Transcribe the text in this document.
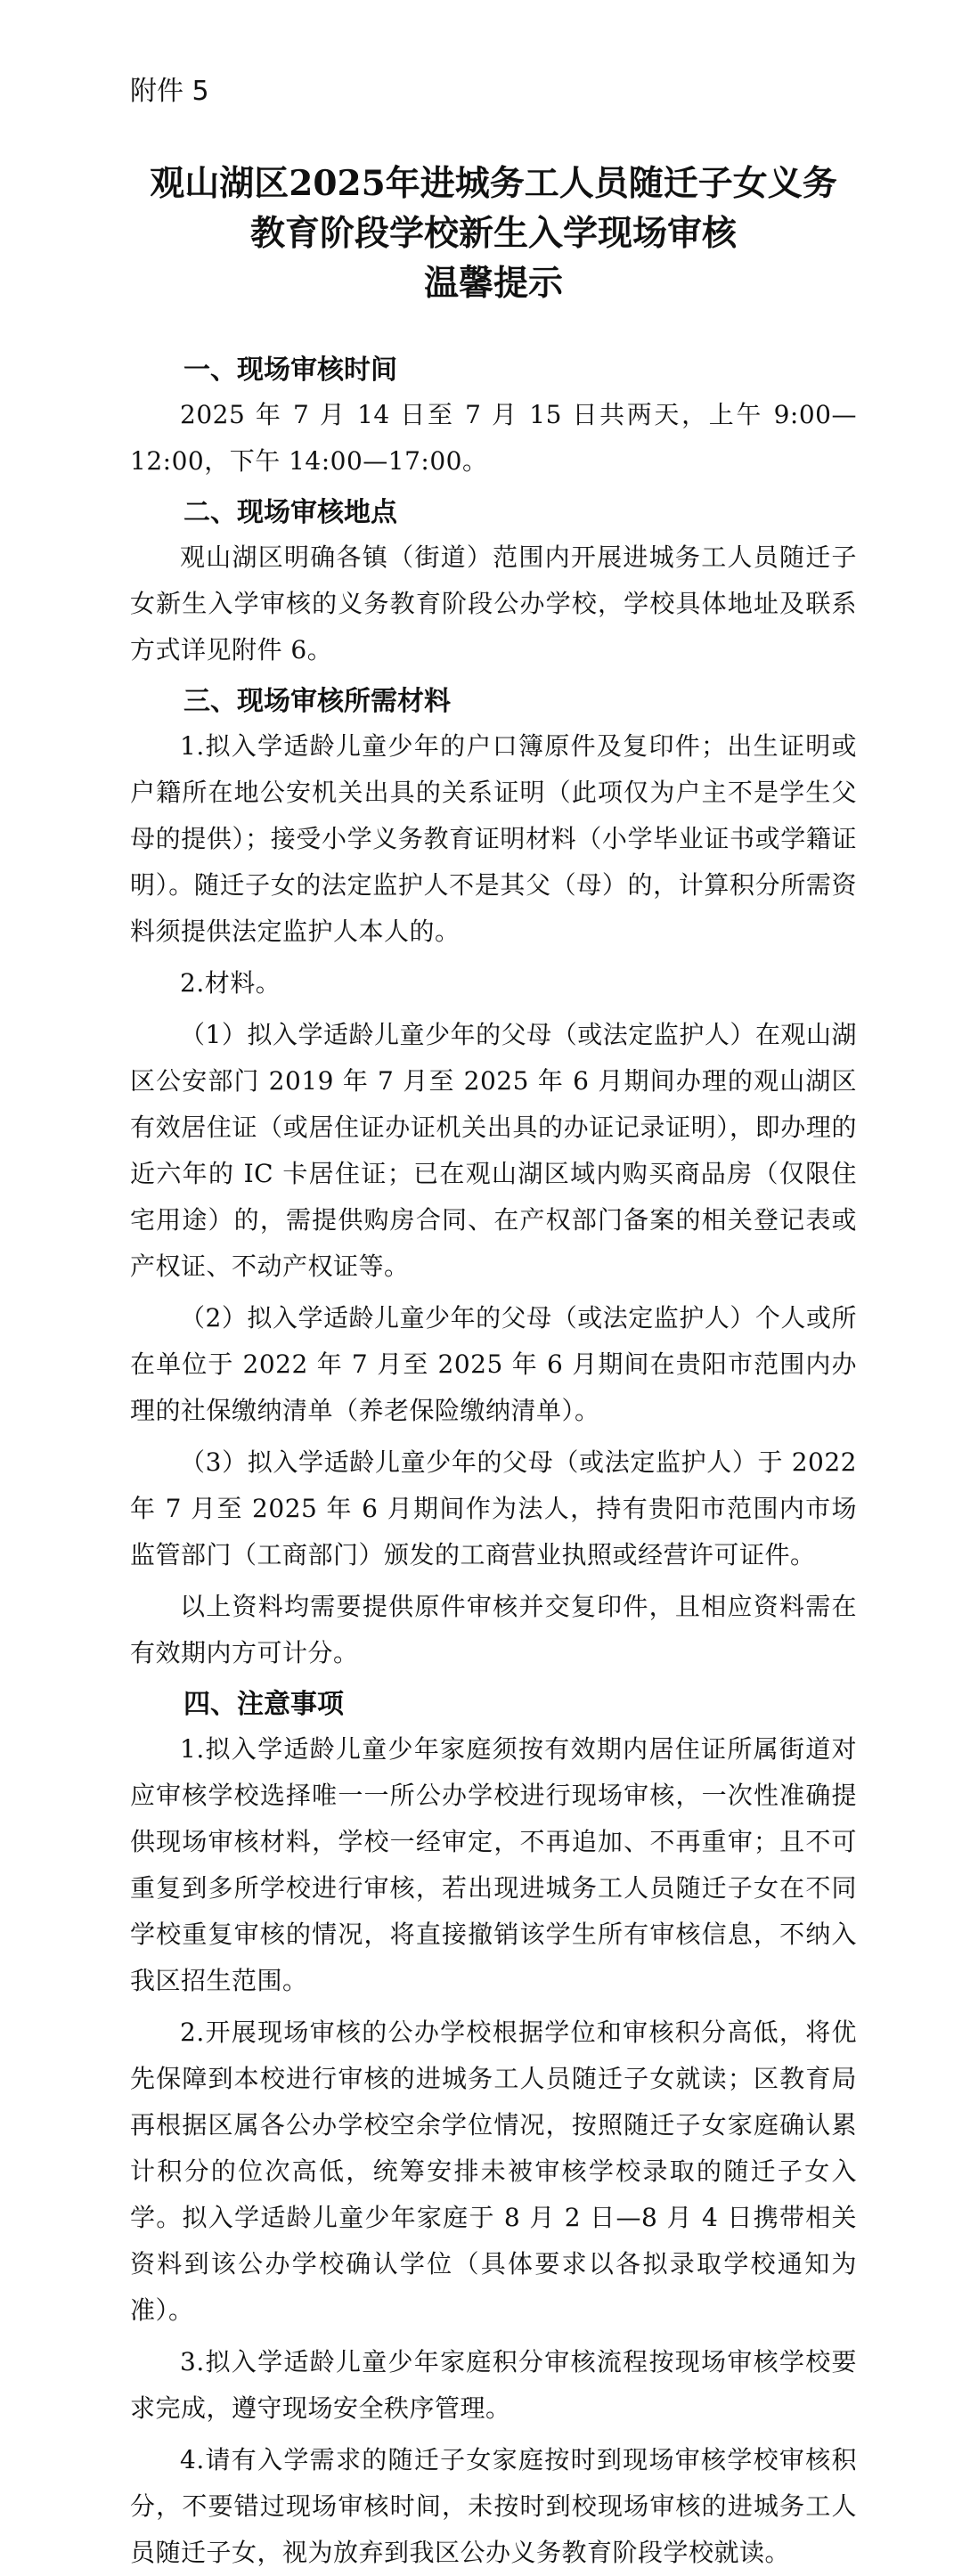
附件 5
观山湖区2025年进城务工人员随迁子女义务
教育阶段学校新生入学现场审核
温馨提示
一、现场审核时间

2025 年 7 月 14 日至 7 月 15 日共两天，上午 9:00—12:00，下午 14:00—17:00。

二、现场审核地点

观山湖区明确各镇（街道）范围内开展进城务工人员随迁子女新生入学审核的义务教育阶段公办学校，学校具体地址及联系方式详见附件 6。

三、现场审核所需材料

1.拟入学适龄儿童少年的户口簿原件及复印件；出生证明或户籍所在地公安机关出具的关系证明（此项仅为户主不是学生父母的提供）；接受小学义务教育证明材料（小学毕业证书或学籍证明）。随迁子女的法定监护人不是其父（母）的，计算积分所需资料须提供法定监护人本人的。

2.材料。

（1）拟入学适龄儿童少年的父母（或法定监护人）在观山湖区公安部门 2019 年 7 月至 2025 年 6 月期间办理的观山湖区有效居住证（或居住证办证机关出具的办证记录证明），即办理的近六年的 IC 卡居住证；已在观山湖区域内购买商品房（仅限住宅用途）的，需提供购房合同、在产权部门备案的相关登记表或产权证、不动产权证等。

（2）拟入学适龄儿童少年的父母（或法定监护人）个人或所在单位于 2022 年 7 月至 2025 年 6 月期间在贵阳市范围内办理的社保缴纳清单（养老保险缴纳清单）。

（3）拟入学适龄儿童少年的父母（或法定监护人）于 2022 年 7 月至 2025 年 6 月期间作为法人，持有贵阳市范围内市场监管部门（工商部门）颁发的工商营业执照或经营许可证件。

以上资料均需要提供原件审核并交复印件，且相应资料需在有效期内方可计分。

四、注意事项

1.拟入学适龄儿童少年家庭须按有效期内居住证所属街道对应审核学校选择唯一一所公办学校进行现场审核，一次性准确提供现场审核材料，学校一经审定，不再追加、不再重审；且不可重复到多所学校进行审核，若出现进城务工人员随迁子女在不同学校重复审核的情况，将直接撤销该学生所有审核信息，不纳入我区招生范围。

2.开展现场审核的公办学校根据学位和审核积分高低，将优先保障到本校进行审核的进城务工人员随迁子女就读；区教育局再根据区属各公办学校空余学位情况，按照随迁子女家庭确认累计积分的位次高低，统筹安排未被审核学校录取的随迁子女入学。拟入学适龄儿童少年家庭于 8 月 2 日—8 月 4 日携带相关资料到该公办学校确认学位（具体要求以各拟录取学校通知为准）。

3.拟入学适龄儿童少年家庭积分审核流程按现场审核学校要求完成，遵守现场安全秩序管理。

4.请有入学需求的随迁子女家庭按时到现场审核学校审核积分，不要错过现场审核时间，未按时到校现场审核的进城务工人员随迁子女，视为放弃到我区公办义务教育阶段学校就读。
